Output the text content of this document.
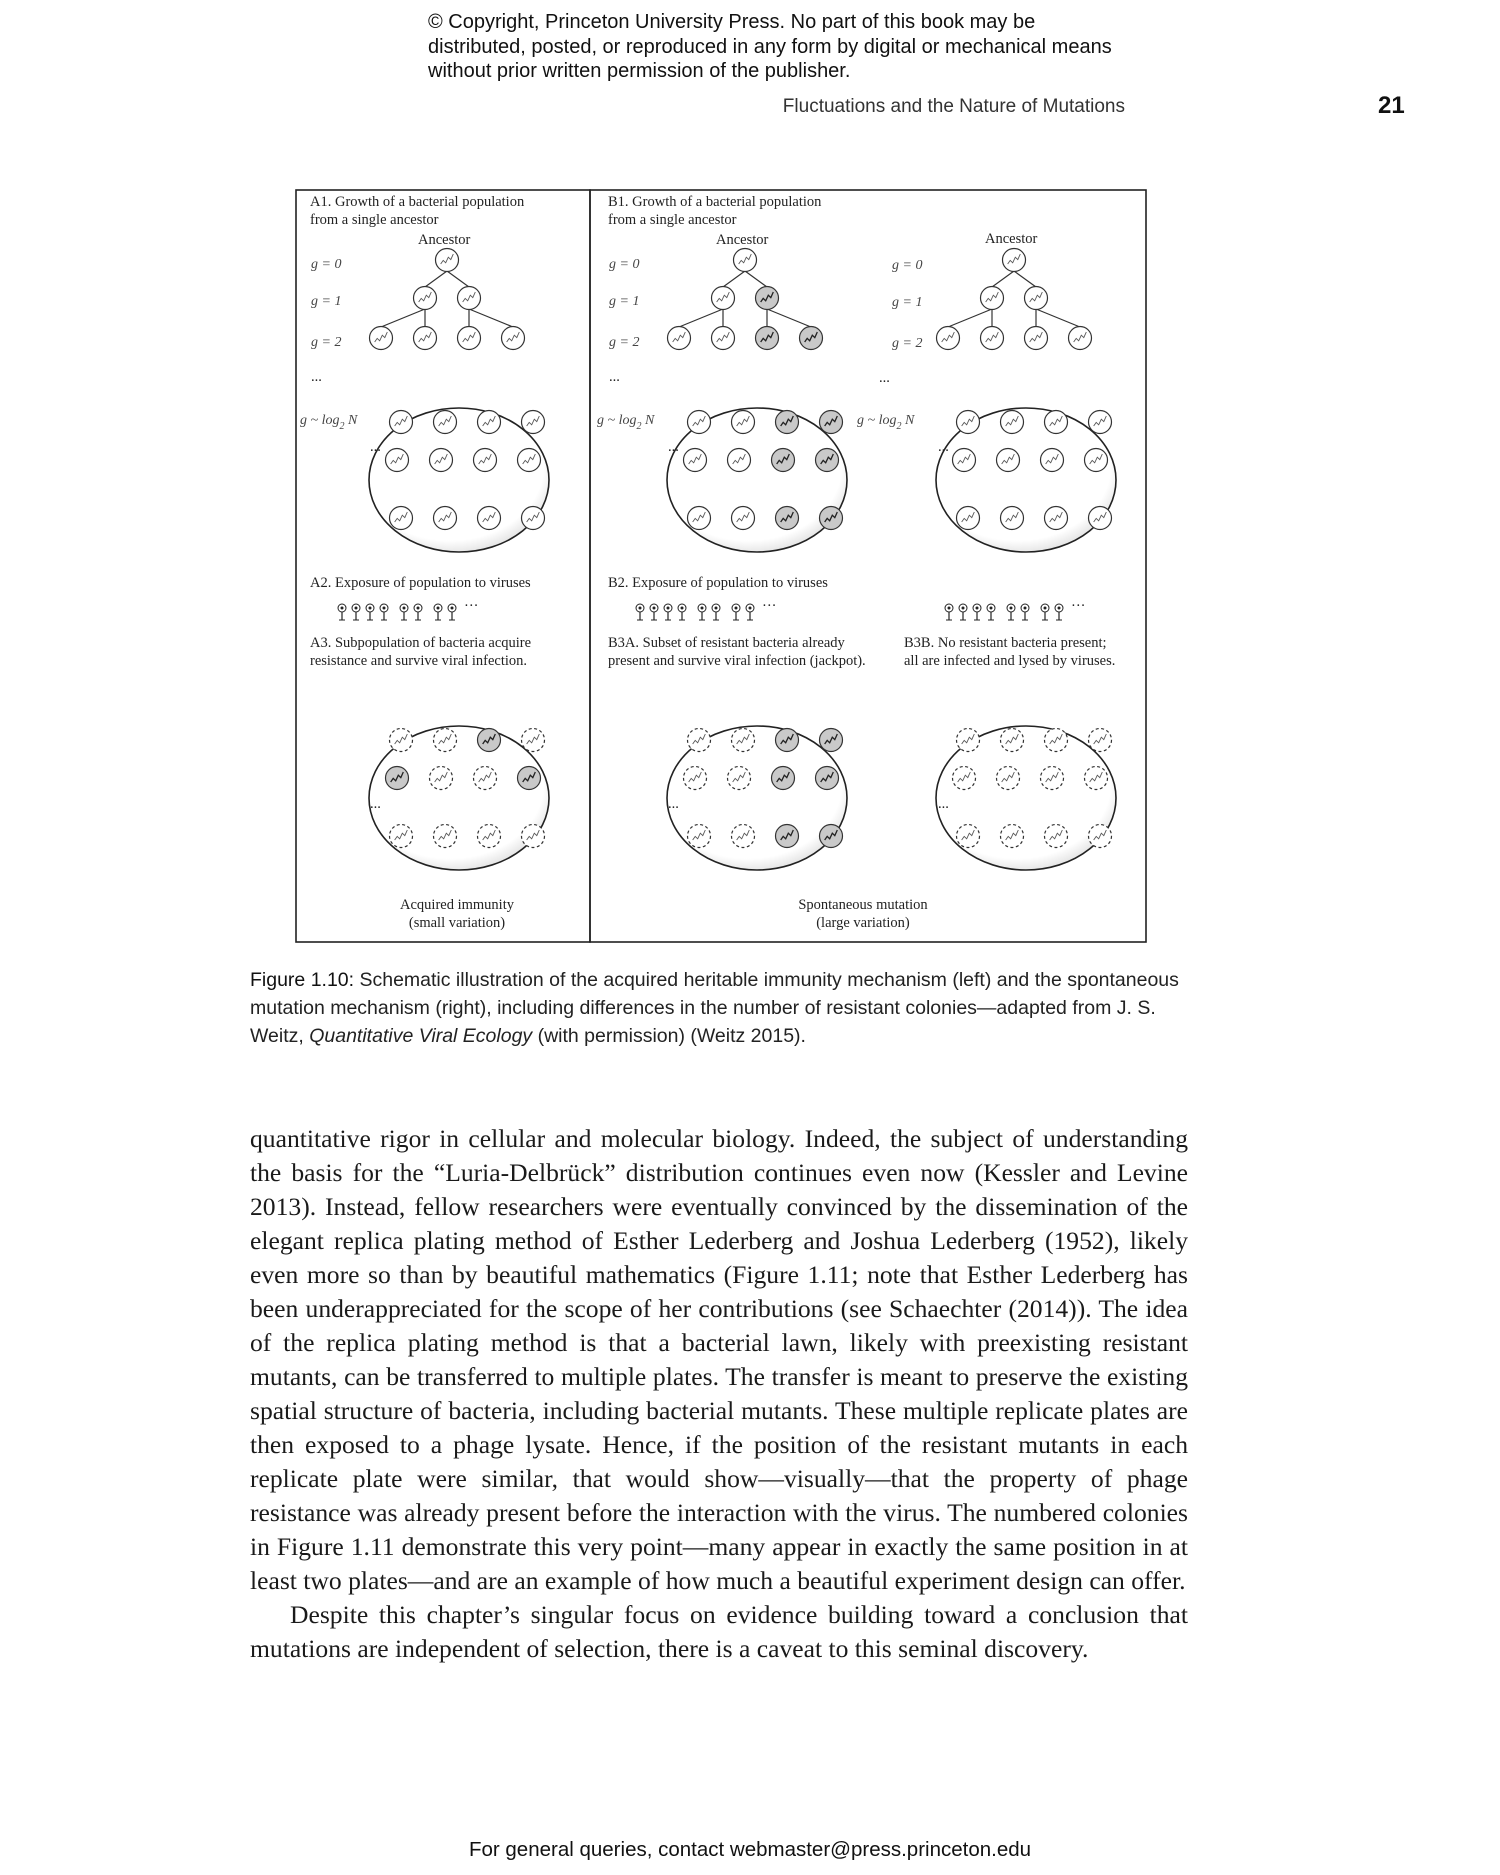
© Copyright, Princeton University Press. No part of this book may be distributed, posted, or reproduced in any form by digital or mechanical means without prior written permission of the publisher.
Fluctuations and the Nature of Mutations	21
A1. Growth of a bacterial population
from a single ancestor
B1. Growth of a bacterial population
from a single ancestor
Ancestor	Ancestor	Ancestor
g = 0
g = 1
g = 2
...
g = 0
g = 1
g = 2
...
g = 0
g = 1
g = 2
...
g ~ $\log_2 N$	g ~ $\log_2 N$	g ~ $\log_2 N$
···	···	···
...	...	...
...	...	...
A2. Exposure of population to viruses	B2. Exposure of population to viruses
A3. Subpopulation of bacteria acquire
resistance and survive viral infection.
B3A. Subset of resistant bacteria already
present and survive viral infection (jackpot).
B3B. No resistant bacteria present;
all are infected and lysed by viruses.
Acquired immunity
(small variation)
Spontaneous mutation
(large variation)
Figure 1.10: Schematic illustration of the acquired heritable immunity mechanism (left) and the spontaneous mutation mechanism (right), including differences in the number of resistant colonies—adapted from J. S. Weitz, Quantitative Viral Ecology (with permission) (Weitz 2015).

quantitative rigor in cellular and molecular biology. Indeed, the subject of understanding the basis for the “Luria-Delbrück” distribution continues even now (Kessler and Levine 2013). Instead, fellow researchers were eventually convinced by the dissemination of the elegant replica plating method of Esther Lederberg and Joshua Lederberg (1952), likely even more so than by beautiful mathematics (Figure 1.11; note that Esther Lederberg has been underappreciated for the scope of her contributions (see Schaechter (2014)). The idea of the replica plating method is that a bacterial lawn, likely with preexisting resistant mutants, can be transferred to multiple plates. The transfer is meant to preserve the existing spatial structure of bacteria, including bacterial mutants. These multiple replicate plates are then exposed to a phage lysate. Hence, if the position of the resistant mutants in each replicate plate were similar, that would show—visually—that the property of phage resistance was already present before the interaction with the virus. The numbered colonies in Figure 1.11 demonstrate this very point—many appear in exactly the same position in at least two plates—and are an example of how much a beautiful experiment design can offer.

Despite this chapter’s singular focus on evidence building toward a conclusion that mutations are independent of selection, there is a caveat to this seminal discovery.

For general queries, contact webmaster@press.princeton.edu
